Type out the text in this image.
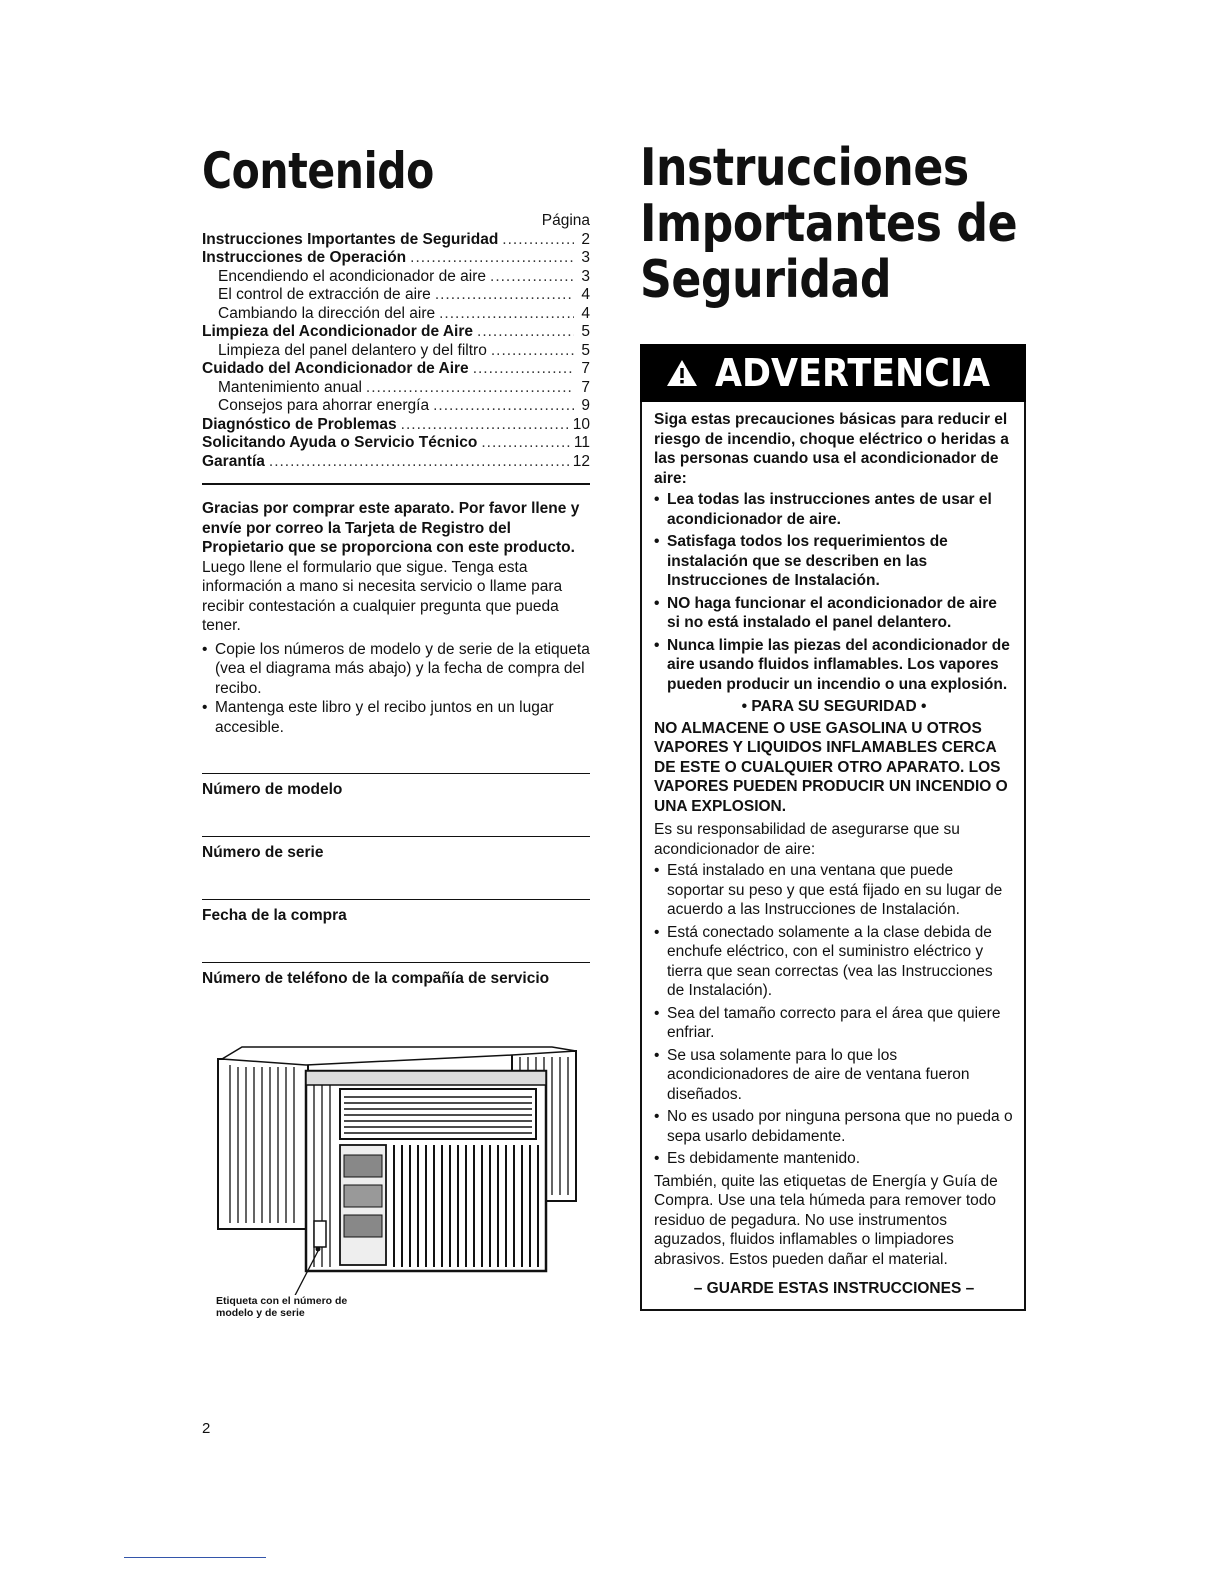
Contenido
Página
Instrucciones Importantes de Seguridad .....	2
Instrucciones de Operación .....	3
Encendiendo el acondicionador de aire .....	3
El control de extracción de aire .....	4
Cambiando la dirección del aire .....	4
Limpieza del Acondicionador de Aire .....	5
Limpieza del panel delantero y del filtro .....	5
Cuidado del Acondicionador de Aire .....	7
Mantenimiento anual .....	7
Consejos para ahorrar energía .....	9
Diagnóstico de Problemas .....	10
Solicitando Ayuda o Servicio Técnico .....	11
Garantía .....	12
Gracias por comprar este aparato. Por favor llene y envíe por correo la Tarjeta de Registro del Propietario que se proporciona con este producto. Luego llene el formulario que sigue. Tenga esta información a mano si necesita servicio o llame para recibir contestación a cualquier pregunta que pueda tener.
• Copie los números de modelo y de serie de la etiqueta (vea el diagrama más abajo) y la fecha de compra del recibo.
• Mantenga este libro y el recibo juntos en un lugar accesible.
Número de modelo
Número de serie
Fecha de la compra
Número de teléfono de la compañía de servicio
Etiqueta con el número de modelo y de serie
2
Instrucciones
Importantes de
Seguridad
ADVERTENCIA
Siga estas precauciones básicas para reducir el riesgo de incendio, choque eléctrico o heridas a las personas cuando usa el acondicionador de aire:
• Lea todas las instrucciones antes de usar el acondicionador de aire.
• Satisfaga todos los requerimientos de instalación que se describen en las Instrucciones de Instalación.
• NO haga funcionar el acondicionador de aire si no está instalado el panel delantero.
• Nunca limpie las piezas del acondicionador de aire usando fluidos inflamables. Los vapores pueden producir un incendio o una explosión.
• PARA SU SEGURIDAD •
NO ALMACENE O USE GASOLINA U OTROS VAPORES Y LIQUIDOS INFLAMABLES CERCA DE ESTE O CUALQUIER OTRO APARATO. LOS VAPORES PUEDEN PRODUCIR UN INCENDIO O UNA EXPLOSION.
Es su responsabilidad de asegurarse que su acondicionador de aire:
• Está instalado en una ventana que puede soportar su peso y que está fijado en su lugar de acuerdo a las Instrucciones de Instalación.
• Está conectado solamente a la clase debida de enchufe eléctrico, con el suministro eléctrico y tierra que sean correctas (vea las Instrucciones de Instalación).
• Sea del tamaño correcto para el área que quiere enfriar.
• Se usa solamente para lo que los acondicionadores de aire de ventana fueron diseñados.
• No es usado por ninguna persona que no pueda o sepa usarlo debidamente.
• Es debidamente mantenido.
También, quite las etiquetas de Energía y Guía de Compra. Use una tela húmeda para remover todo residuo de pegadura. No use instrumentos aguzados, fluidos inflamables o limpiadores abrasivos. Estos pueden dañar el material.
– GUARDE ESTAS INSTRUCCIONES –
